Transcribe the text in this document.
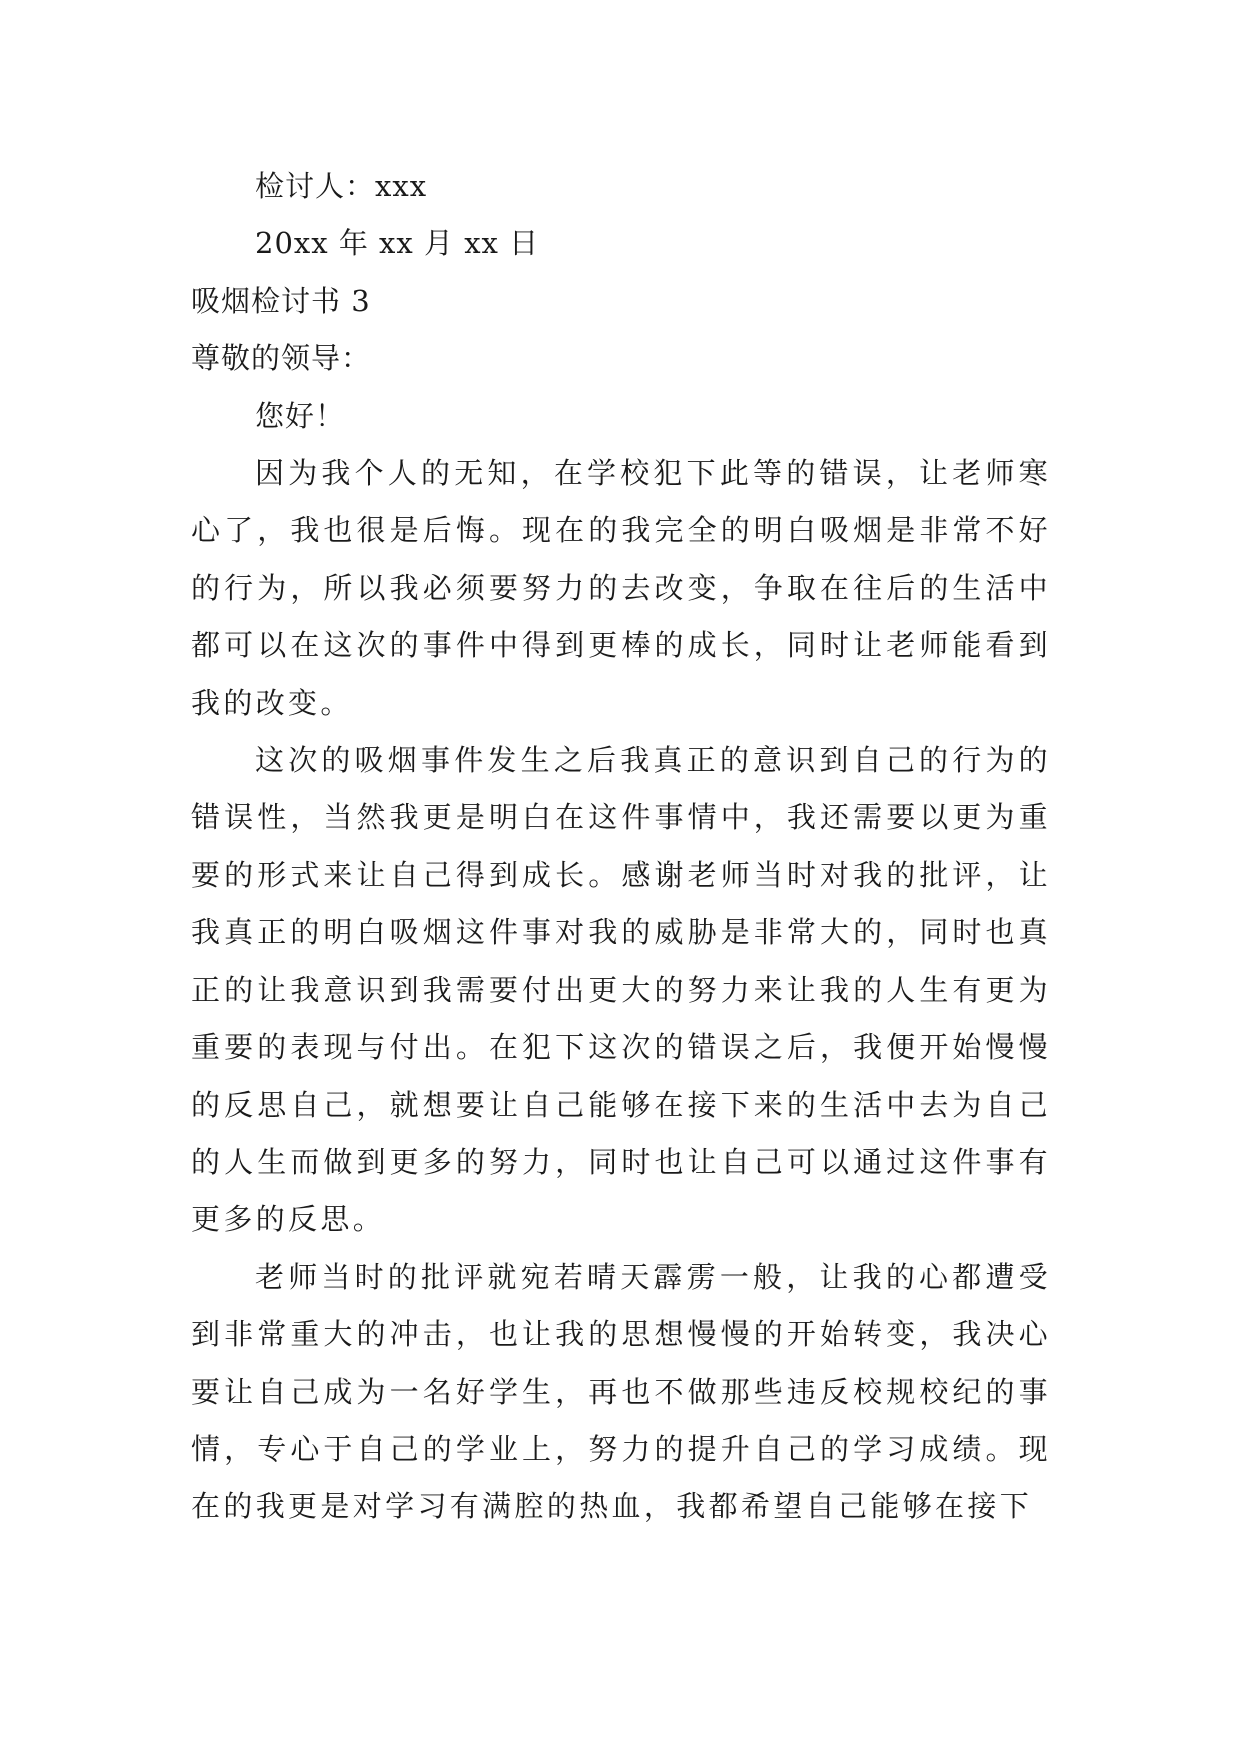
检讨人：xxx

20xx 年 xx 月 xx 日

吸烟检讨书 3

尊敬的领导：

您好！

因为我个人的无知，在学校犯下此等的错误，让老师寒心了，我也很是后悔。现在的我完全的明白吸烟是非常不好的行为，所以我必须要努力的去改变，争取在往后的生活中都可以在这次的事件中得到更棒的成长，同时让老师能看到我的改变。

这次的吸烟事件发生之后我真正的意识到自己的行为的错误性，当然我更是明白在这件事情中，我还需要以更为重要的形式来让自己得到成长。感谢老师当时对我的批评，让我真正的明白吸烟这件事对我的威胁是非常大的，同时也真正的让我意识到我需要付出更大的努力来让我的人生有更为重要的表现与付出。在犯下这次的错误之后，我便开始慢慢的反思自己，就想要让自己能够在接下来的生活中去为自己的人生而做到更多的努力，同时也让自己可以通过这件事有更多的反思。

老师当时的批评就宛若晴天霹雳一般，让我的心都遭受到非常重大的冲击，也让我的思想慢慢的开始转变，我决心要让自己成为一名好学生，再也不做那些违反校规校纪的事情，专心于自己的学业上，努力的提升自己的学习成绩。现在的我更是对学习有满腔的热血，我都希望自己能够在接下
